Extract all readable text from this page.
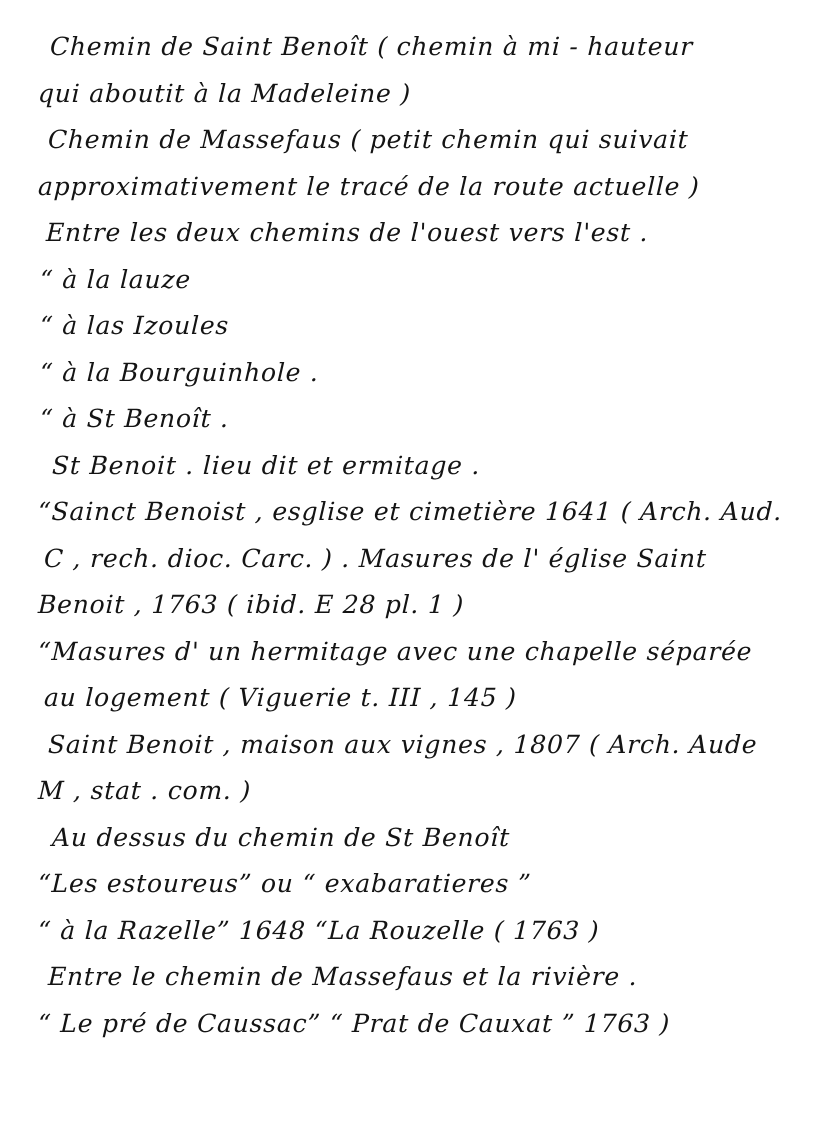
Chemin de Saint Benoît ( chemin à mi - hauteur
qui aboutit à la Madeleine )
Chemin de Massefaus ( petit chemin qui suivait
approximativement le tracé de la route actuelle )
Entre les deux chemins de l'ouest vers l'est .
“ à la lauze
“ à las Izoules
“ à la Bourguinhole .
“ à St Benoît .
St Benoit . lieu dit et ermitage .
“Sainct Benoist , esglise et cimetière 1641 ( Arch. Aud.
C , rech. dioc. Carc. ) . Masures de l' église Saint
Benoit , 1763 ( ibid. E 28 pl. 1 )
“Masures d' un hermitage avec une chapelle séparée
au logement ( Viguerie t. III , 145 )
Saint Benoit , maison aux vignes , 1807 ( Arch. Aude
M , stat . com. )
Au dessus du chemin de St Benoît
“Les estoureus” ou “ exabaratieres ”
“ à la Razelle” 1648 “La Rouzelle ( 1763 )
Entre le chemin de Massefaus et la rivière .
“ Le pré de Caussac” “ Prat de Cauxat ” 1763 )
